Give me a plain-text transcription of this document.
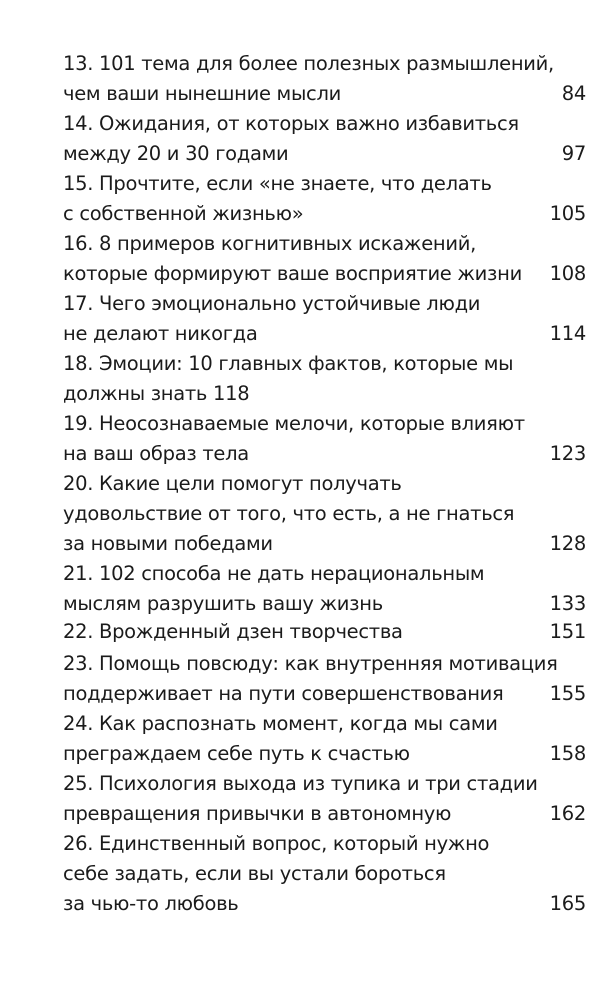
13. 101 тема для более полезных размышлений,
чем ваши нынешние мысли	84
14. Ожидания, от которых важно избавиться
между 20 и 30 годами	97
15. Прочтите, если «не знаете, что делать
с собственной жизнью»	105
16. 8 примеров когнитивных искажений,
которые формируют ваше восприятие жизни 108
17. Чего эмоционально устойчивые люди
не делают никогда	114
18. Эмоции: 10 главных фактов, которые мы
должны знать 118
19. Неосознаваемые мелочи, которые влияют
на ваш образ тела	123
20. Какие цели помогут получать
удовольствие от того, что есть, а не гнаться
за новыми победами	128
21. 102 способа не дать нерациональным
мыслям разрушить вашу жизнь	133
22. Врожденный дзен творчества	151
23. Помощь повсюду: как внутренняя мотивация
поддерживает на пути совершенствования 155
24. Как распознать момент, когда мы сами
преграждаем себе путь к счастью	158
25. Психология выхода из тупика и три стадии
превращения привычки в автономную	162
26. Единственный вопрос, который нужно
себе задать, если вы устали бороться
за чью-то любовь	165
